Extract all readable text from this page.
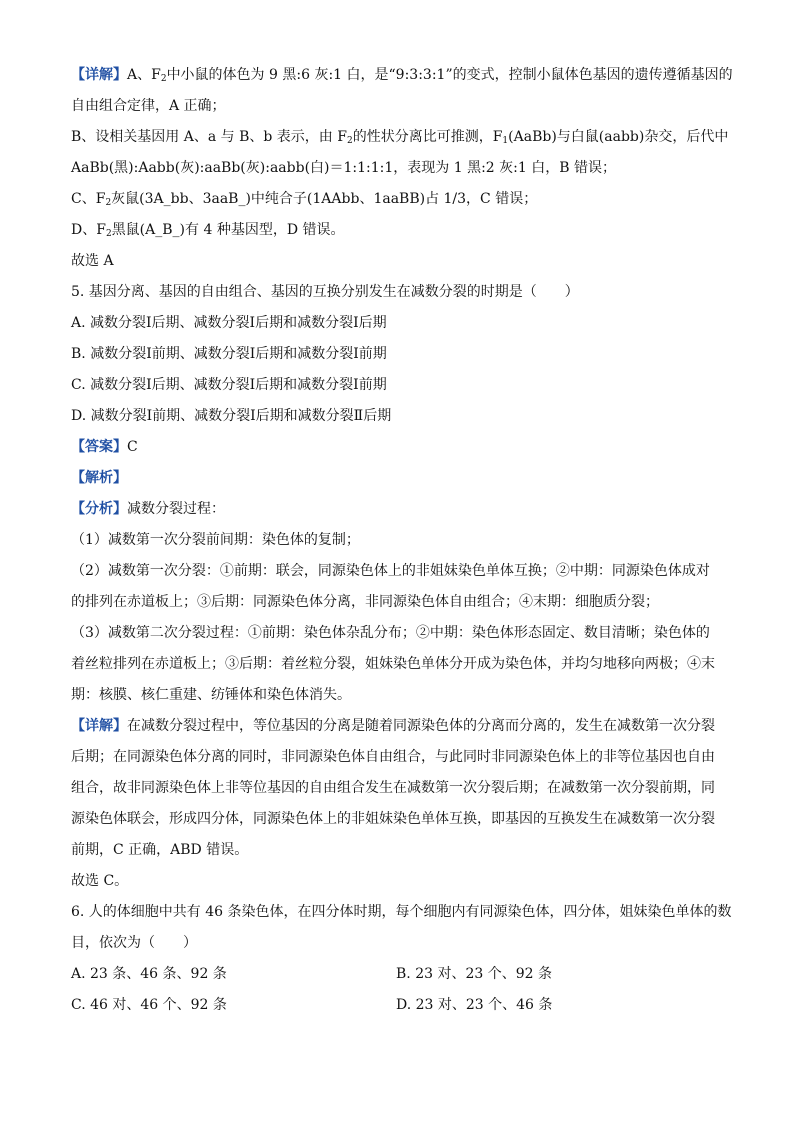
【详解】A、$F_2$中小鼠的体色为 9 黑:6 灰:1 白，是“9:3:3:1”的变式，控制小鼠体色基因的遗传遵循基因的
自由组合定律，A 正确；
B、设相关基因用 A、a 与 B、b 表示，由 $F_2$的性状分离比可推测，$F_1(AaBb)$与白鼠(aabb)杂交，后代中
AaBb(黑):Aabb(灰):aaBb(灰):aabb(白)＝1:1:1:1，表现为 1 黑:2 灰:1 白，B 错误；
C、$F_2$灰鼠(3A_bb、3aaB_)中纯合子(1AAbb、1aaBB)占 1/3，C 错误；
D、$F_2$黑鼠(A_B_)有 4 种基因型，D 错误。
故选 A
5. 基因分离、基因的自由组合、基因的互换分别发生在减数分裂的时期是（　　）
A. 减数分裂Ⅰ后期、减数分裂Ⅰ后期和减数分裂Ⅰ后期
B. 减数分裂Ⅰ前期、减数分裂Ⅰ后期和减数分裂Ⅰ前期
C. 减数分裂Ⅰ后期、减数分裂Ⅰ后期和减数分裂Ⅰ前期
D. 减数分裂Ⅰ前期、减数分裂Ⅰ后期和减数分裂Ⅱ后期
【答案】C
【解析】
【分析】减数分裂过程：
（1）减数第一次分裂前间期：染色体的复制；
（2）减数第一次分裂：①前期：联会，同源染色体上的非姐妹染色单体互换；②中期：同源染色体成对
的排列在赤道板上；③后期：同源染色体分离，非同源染色体自由组合；④末期：细胞质分裂；
（3）减数第二次分裂过程：①前期：染色体杂乱分布；②中期：染色体形态固定、数目清晰；染色体的
着丝粒排列在赤道板上；③后期：着丝粒分裂，姐妹染色单体分开成为染色体，并均匀地移向两极；④末
期：核膜、核仁重建、纺锤体和染色体消失。
【详解】在减数分裂过程中，等位基因的分离是随着同源染色体的分离而分离的，发生在减数第一次分裂
后期；在同源染色体分离的同时，非同源染色体自由组合，与此同时非同源染色体上的非等位基因也自由
组合，故非同源染色体上非等位基因的自由组合发生在减数第一次分裂后期；在减数第一次分裂前期，同
源染色体联会，形成四分体，同源染色体上的非姐妹染色单体互换，即基因的互换发生在减数第一次分裂
前期，C 正确，ABD 错误。
故选 C。
6. 人的体细胞中共有 46 条染色体，在四分体时期，每个细胞内有同源染色体，四分体，姐妹染色单体的数
目，依次为（　　）
A. 23 条、46 条、92 条	B. 23 对、23 个、92 条
C. 46 对、46 个、92 条	D. 23 对、23 个、46 条
